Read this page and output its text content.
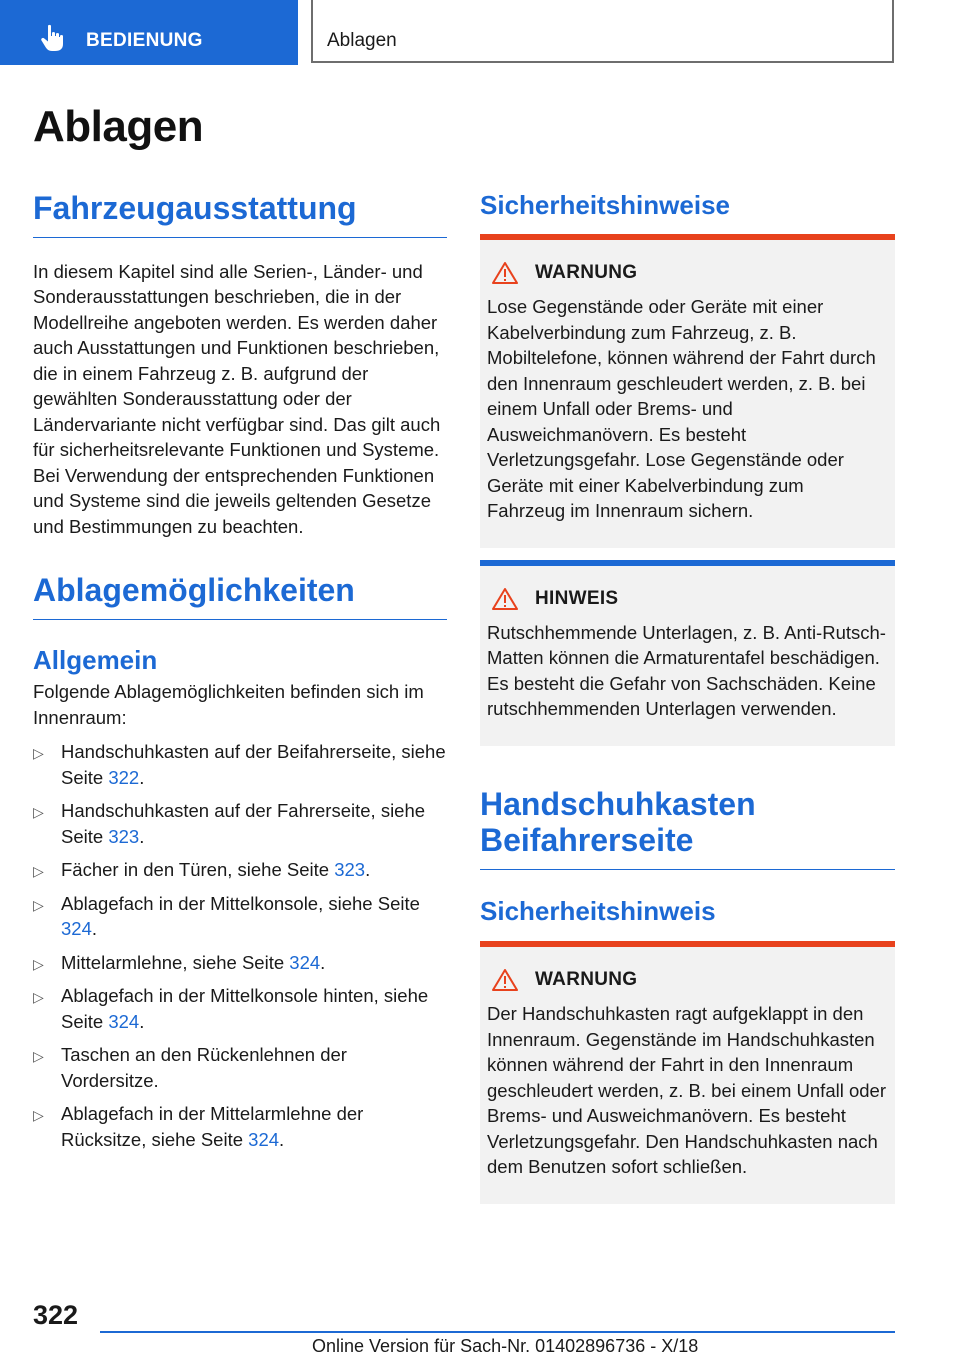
BEDIENUNG	Ablagen
Ablagen
Fahrzeugausstattung

In diesem Kapitel sind alle Serien-, Länder- und Sonderausstattungen beschrieben, die in der Modellreihe angeboten werden. Es werden daher auch Ausstattungen und Funktionen beschrieben, die in einem Fahrzeug z. B. aufgrund der gewählten Sonderausstattung oder der Ländervariante nicht verfügbar sind. Das gilt auch für sicherheitsrelevante Funktionen und Systeme. Bei Verwendung der entsprechenden Funktionen und Systeme sind die jeweils geltenden Gesetze und Bestimmungen zu beachten.

Ablagemöglichkeiten
Allgemein

Folgende Ablagemöglichkeiten befinden sich im Innenraum:

▷ Handschuhkasten auf der Beifahrerseite, siehe Seite 322.
▷ Handschuhkasten auf der Fahrerseite, siehe Seite 323.
▷ Fächer in den Türen, siehe Seite 323.
▷ Ablagefach in der Mittelkonsole, siehe Seite 324.
▷ Mittelarmlehne, siehe Seite 324.
▷ Ablagefach in der Mittelkonsole hinten, siehe Seite 324.
▷ Taschen an den Rückenlehnen der Vordersitze.
▷ Ablagefach in der Mittelarmlehne der Rücksitze, siehe Seite 324.
Sicherheitshinweise
WARNUNG

Lose Gegenstände oder Geräte mit einer Kabelverbindung zum Fahrzeug, z. B. Mobiltelefone, können während der Fahrt durch den Innenraum geschleudert werden, z. B. bei einem Unfall oder Brems- und Ausweichmanövern. Es besteht Verletzungsgefahr. Lose Gegenstände oder Geräte mit einer Kabelverbindung zum Fahrzeug im Innenraum sichern.

HINWEIS

Rutschhemmende Unterlagen, z. B. Anti-Rutsch-Matten können die Armaturentafel beschädigen. Es besteht die Gefahr von Sachschäden. Keine rutschhemmenden Unterlagen verwenden.

Handschuhkasten
Beifahrerseite
Sicherheitshinweis
WARNUNG

Der Handschuhkasten ragt aufgeklappt in den Innenraum. Gegenstände im Handschuhkasten können während der Fahrt in den Innenraum geschleudert werden, z. B. bei einem Unfall oder Brems- und Ausweichmanövern. Es besteht Verletzungsgefahr. Den Handschuhkasten nach dem Benutzen sofort schließen.

322
Online Version für Sach-Nr. 01402896736 - X/18
